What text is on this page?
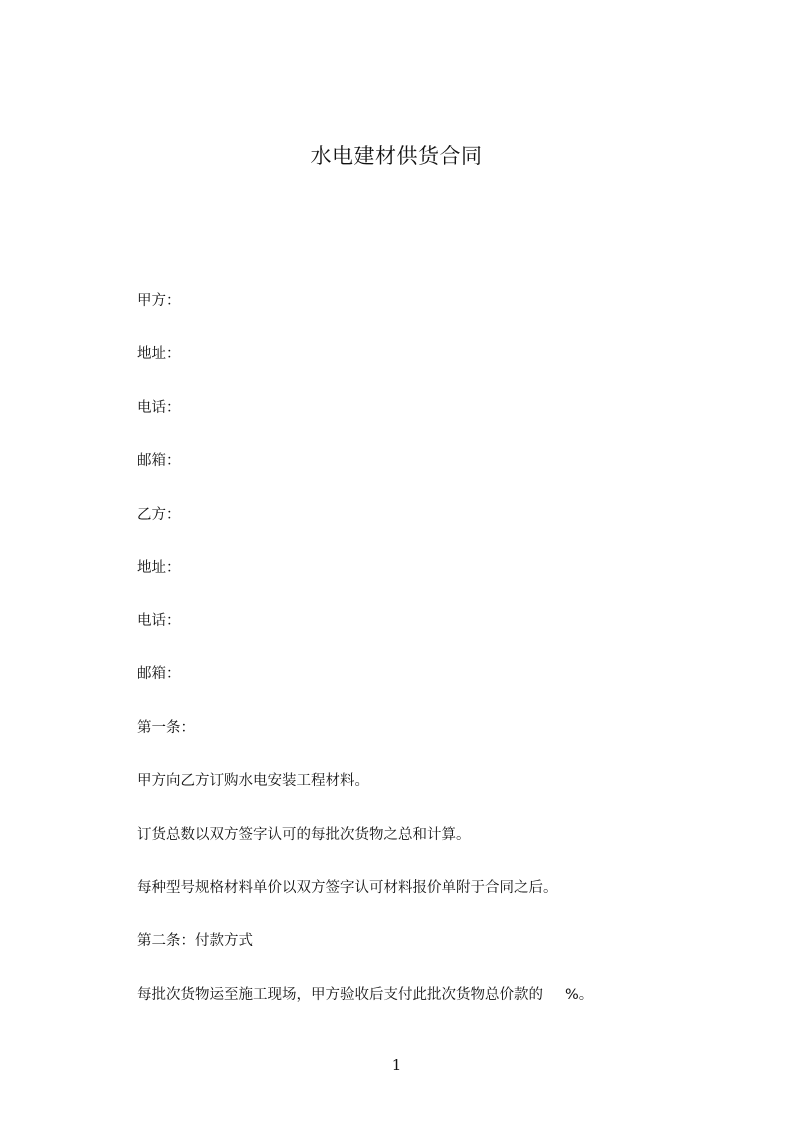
水电建材供货合同
甲方：
地址：
电话：
邮箱：
乙方：
地址：
电话：
邮箱：
第一条：
甲方向乙方订购水电安装工程材料。
订货总数以双方签字认可的每批次货物之总和计算。
每种型号规格材料单价以双方签字认可材料报价单附于合同之后。
第二条：付款方式
每批次货物运至施工现场，甲方验收后支付此批次货物总价款的 %。
1
